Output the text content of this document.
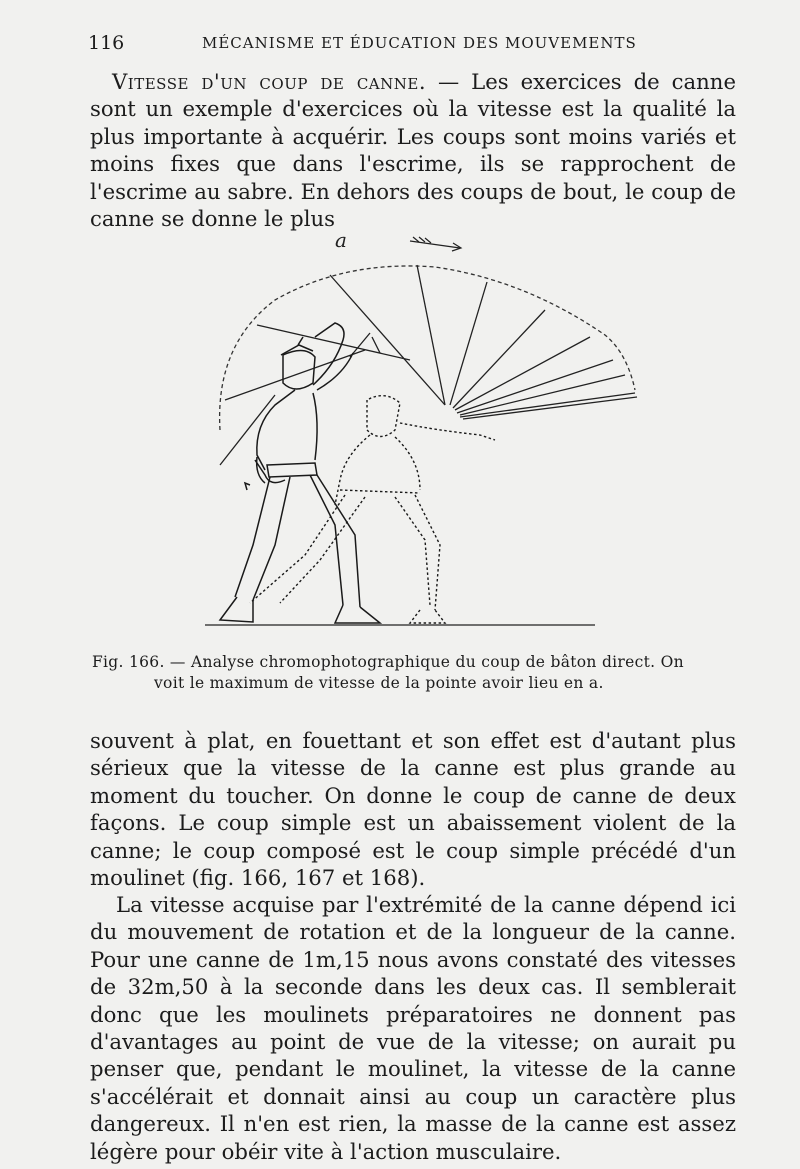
116	MÉCANISME ET ÉDUCATION DES MOUVEMENTS

Vitesse d'un coup de canne. — Les exercices de canne sont un exemple d'exercices où la vitesse est la qualité la plus importante à acquérir. Les coups sont moins variés et moins fixes que dans l'escrime, ils se rapprochent de l'escrime au sabre. En dehors des coups de bout, le coup de canne se donne le plus

a
Fig. 166. — Analyse chromophotographique du coup de bâton direct. On
voit le maximum de vitesse de la pointe avoir lieu en a.

souvent à plat, en fouettant et son effet est d'autant plus sérieux que la vitesse de la canne est plus grande au moment du toucher. On donne le coup de canne de deux façons. Le coup simple est un abaissement violent de la canne; le coup composé est le coup simple précédé d'un moulinet (fig. 166, 167 et 168).

La vitesse acquise par l'extrémité de la canne dépend ici du mouvement de rotation et de la longueur de la canne. Pour une canne de 1m,15 nous avons constaté des vitesses de 32m,50 à la seconde dans les deux cas. Il semblerait donc que les moulinets préparatoires ne donnent pas d'avantages au point de vue de la vitesse; on aurait pu penser que, pendant le moulinet, la vitesse de la canne s'accélérait et donnait ainsi au coup un caractère plus dangereux. Il n'en est rien, la masse de la canne est assez légère pour obéir vite à l'action musculaire.
